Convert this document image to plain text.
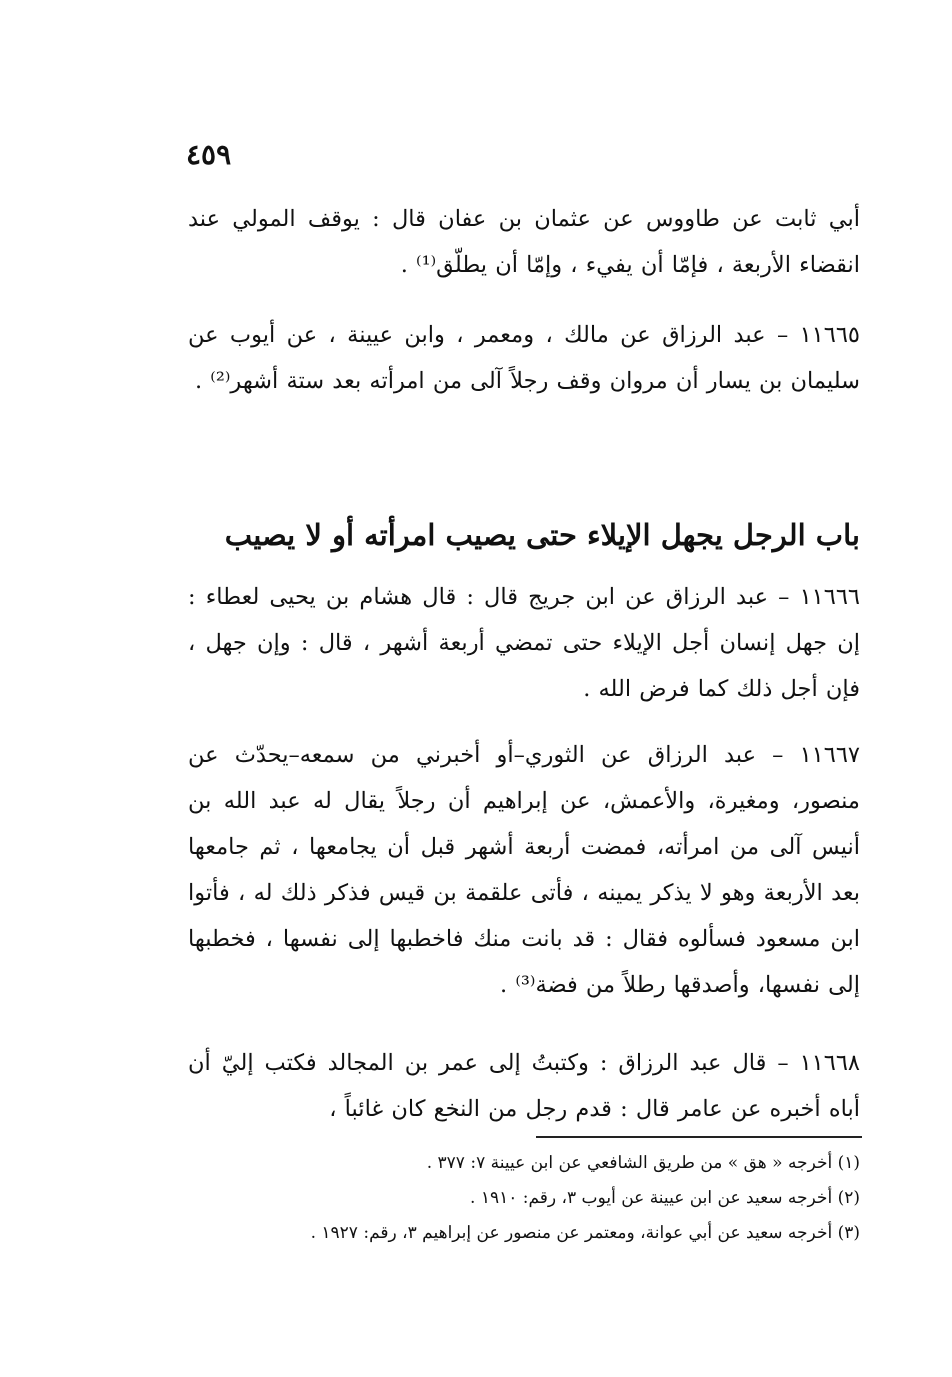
٤٥٩

أبي ثابت عن طاووس عن عثمان بن عفان قال : يوقف المولي عند انقضاء الأربعة ، فإمّا أن يفيء ، وإمّا أن يطلّق⁽¹⁾ .

١١٦٦٥ – عبد الرزاق عن مالك ، ومعمر ، وابن عيينة ، عن أيوب عن سليمان بن يسار أن مروان وقف رجلاً آلى من امرأته بعد ستة أشهر⁽²⁾ .

باب الرجل يجهل الإيلاء حتى يصيب امرأته أو لا يصيب

١١٦٦٦ – عبد الرزاق عن ابن جريج قال : قال هشام بن يحيى لعطاء : إن جهل إنسان أجل الإيلاء حتى تمضي أربعة أشهر ، قال : وإن جهل ، فإن أجل ذلك كما فرض الله .

١١٦٦٧ – عبد الرزاق عن الثوري–أو أخبرني من سمعه–يحدّث عن منصور، ومغيرة، والأعمش، عن إبراهيم أن رجلاً يقال له عبد الله بن أنيس آلى من امرأته، فمضت أربعة أشهر قبل أن يجامعها ، ثم جامعها بعد الأربعة وهو لا يذكر يمينه ، فأتى علقمة بن قيس فذكر ذلك له ، فأتوا ابن مسعود فسألوه فقال : قد بانت منك فاخطبها إلى نفسها ، فخطبها إلى نفسها، وأصدقها رطلاً من فضة⁽³⁾ .

١١٦٦٨ – قال عبد الرزاق : وكتبتُ إلى عمر بن المجالد فكتب إليّ أن أباه أخبره عن عامر قال : قدم رجل من النخع كان غائباً ،

(١) أخرجه « هق » من طريق الشافعي عن ابن عيينة ٧: ٣٧٧ .

(٢) أخرجه سعيد عن ابن عيينة عن أيوب ٣، رقم: ١٩١٠ .

(٣) أخرجه سعيد عن أبي عوانة، ومعتمر عن منصور عن إبراهيم ٣، رقم: ١٩٢٧ .
